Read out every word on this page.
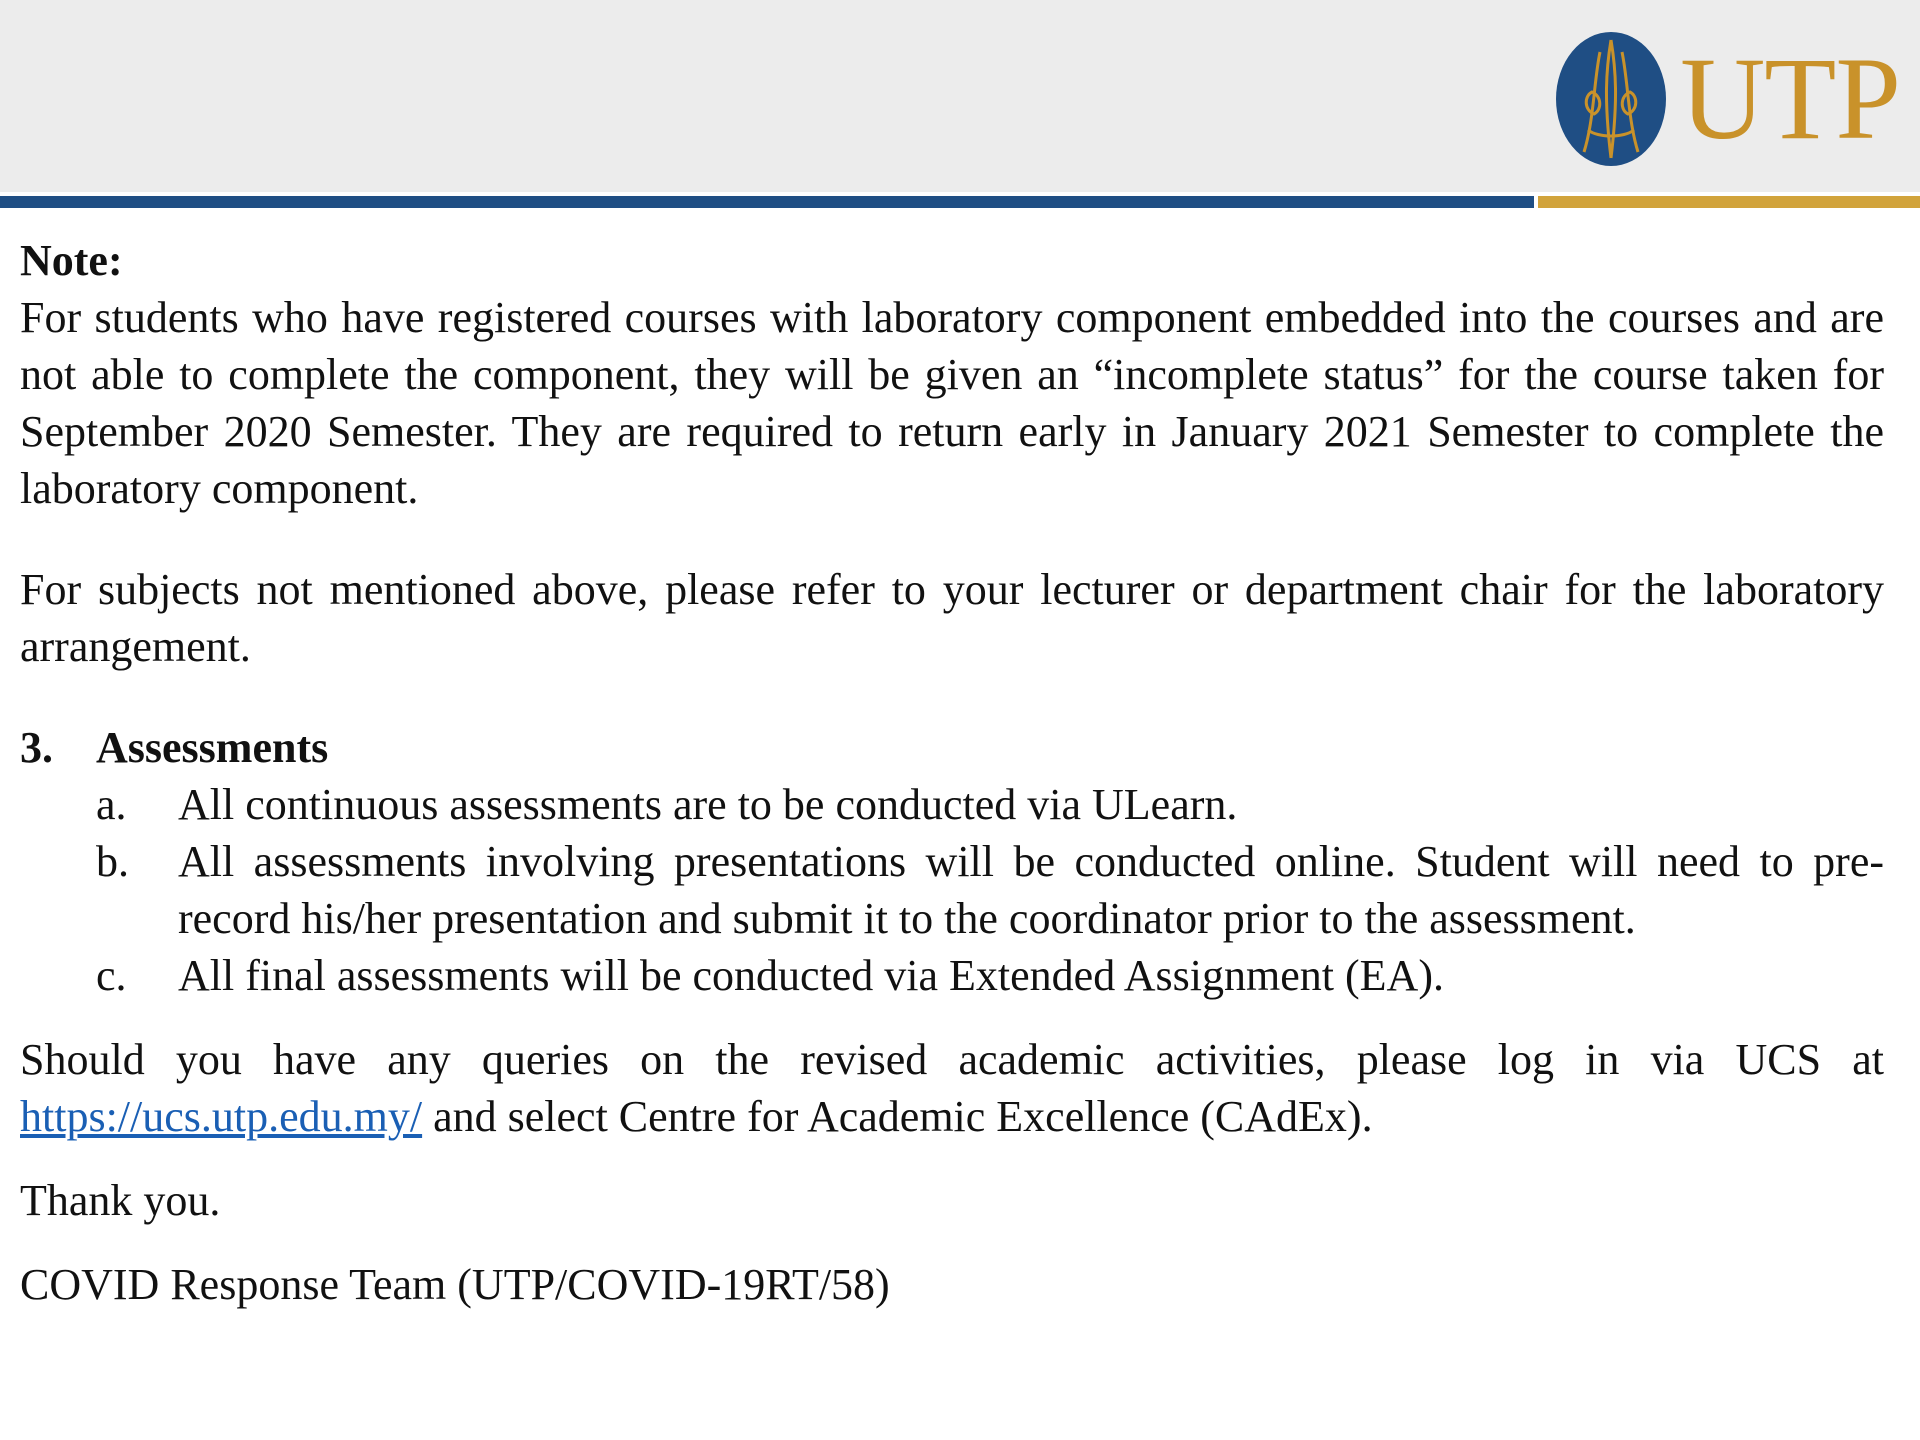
UTP
Note:
For students who have registered courses with laboratory component embedded into the courses and are not able to complete the component, they will be given an “incomplete status” for the course taken for September 2020 Semester. They are required to return early in January 2021 Semester to complete the laboratory component.
For subjects not mentioned above, please refer to your lecturer or department chair for the laboratory arrangement.
3. Assessments
a.	All continuous assessments are to be conducted via ULearn.
b.	All assessments involving presentations will be conducted online. Student will need to pre-record his/her presentation and submit it to the coordinator prior to the assessment.
c.	All final assessments will be conducted via Extended Assignment (EA).
Should you have any queries on the revised academic activities, please log in via UCS at https://ucs.utp.edu.my/ and select Centre for Academic Excellence (CAdEx).
Thank you.
COVID Response Team (UTP/COVID-19RT/58)
